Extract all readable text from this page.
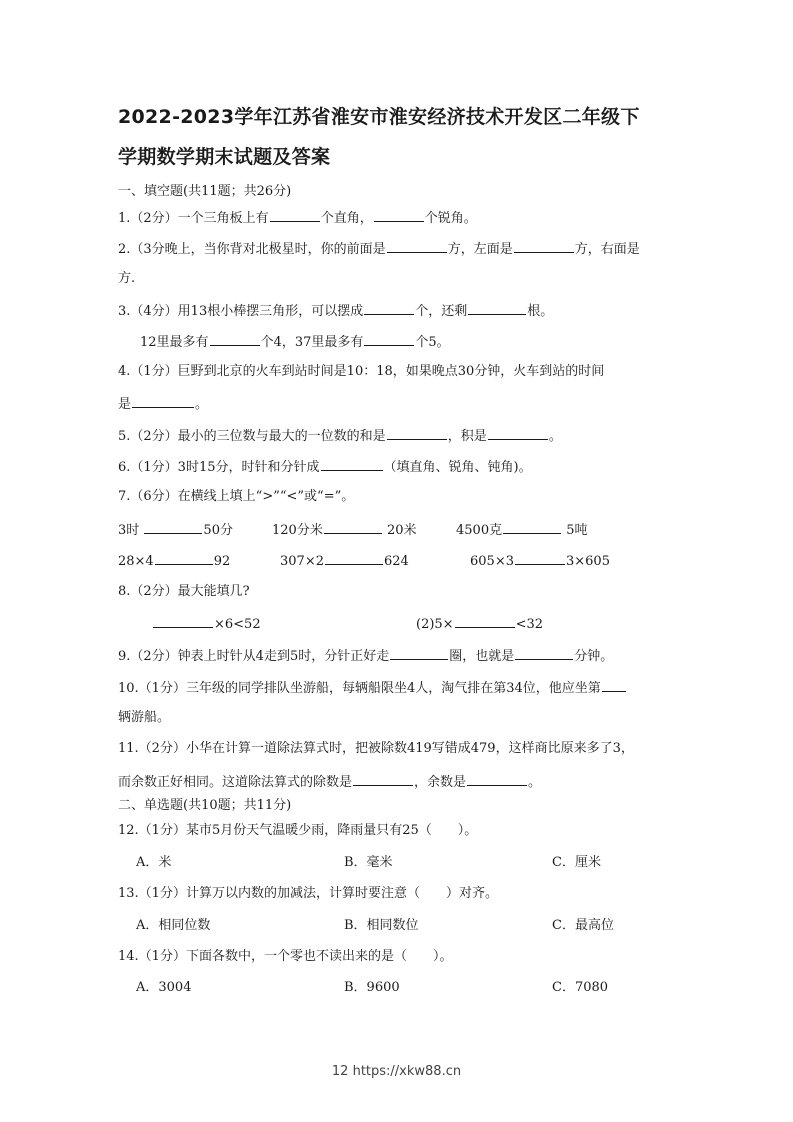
2022-2023学年江苏省淮安市淮安经济技术开发区二年级下
学期数学期末试题及答案
一、填空题(共11题；共26分)
1.（2分）一个三角板上有	个直角，	个锐角。
2.（3分晚上，当你背对北极星时，你的前面是	方，左面是	方，右面是
方.
3.（4分）用13根小棒摆三角形，可以摆成	个，还剩	根。
12里最多有	个4，37里最多有	个5。
4.（1分）巨野到北京的火车到站时间是10：18，如果晚点30分钟，火车到站的时间
是	。
5.（2分）最小的三位数与最大的一位数的和是	，积是	。
6.（1分）3时15分，时针和分针成	（填直角、锐角、钝角)。
7.（6分）在横线上填上“>”“<”或“=”。
3时	50分	120分米	20米	4500克	5吨
28×4	92	307×2	624	605×3	3×605
8.（2分）最大能填几?
×6<52	(2)5×	<32
9.（2分）钟表上时针从4走到5时，分针正好走	圈，也就是	分钟。
10.（1分）三年级的同学排队坐游船，每辆船限坐4人，淘气排在第34位，他应坐第
辆游船。
11.（2分）小华在计算一道除法算式时，把被除数419写错成479，这样商比原来多了3，
而余数正好相同。这道除法算式的除数是	，余数是	。
二、单选题(共10题；共11分)
12.（1分）某市5月份天气温暖少雨，降雨量只有25（　　）。
A．米	B．毫米	C．厘米
13.（1分）计算万以内数的加减法，计算时要注意（　　）对齐。
A．相同位数	B．相同数位	C．最高位
14.（1分）下面各数中，一个零也不读出来的是（　　）。
A．3004	B．9600	C．7080
12 https://xkw88.cn
